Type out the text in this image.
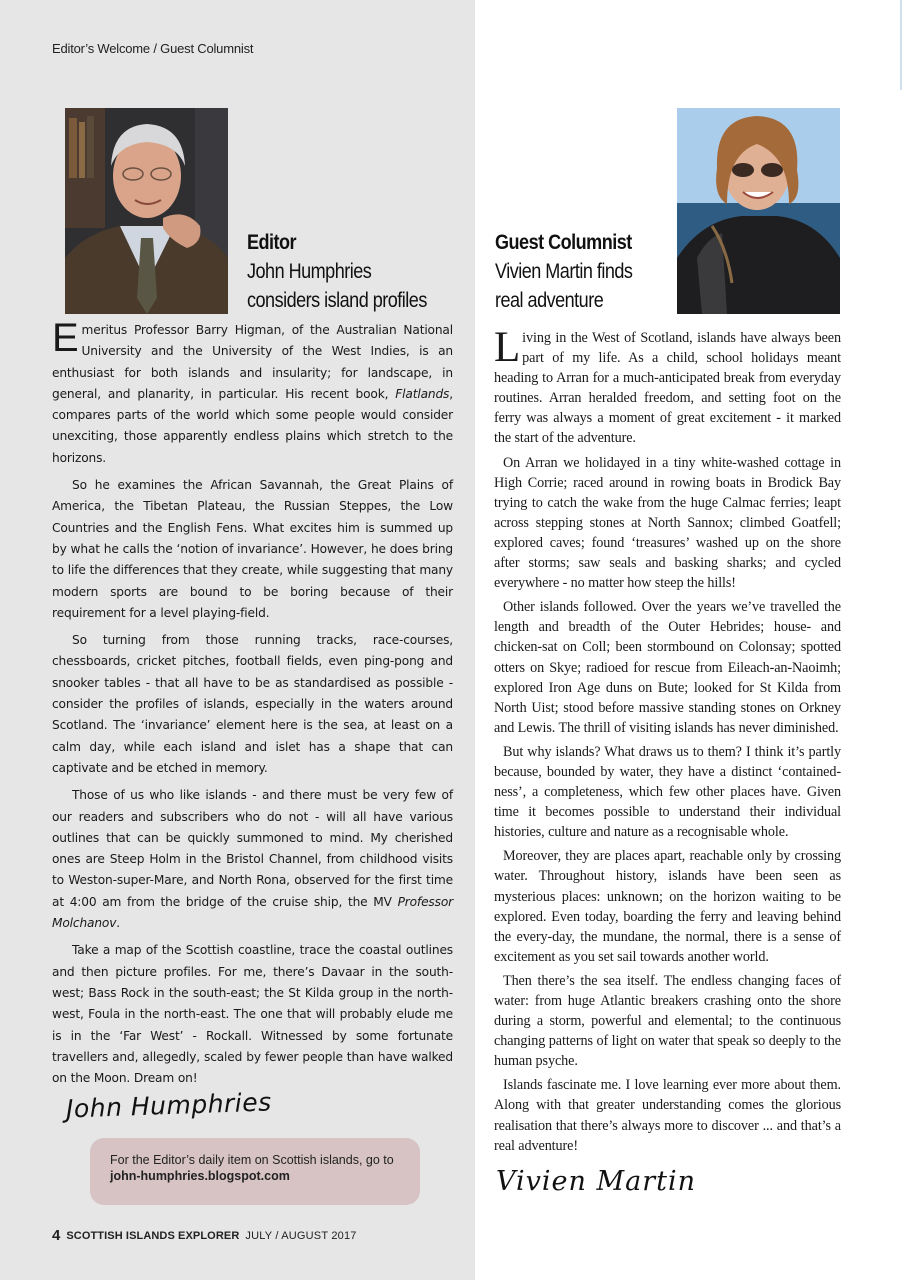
Editor’s Welcome / Guest Columnist
Editor
John Humphries
considers island profiles
Guest Columnist
Vivien Martin finds
real adventure

Emeritus Professor Barry Higman, of the Australian National University and the University of the West Indies, is an enthusiast for both islands and insularity; for landscape, in general, and planarity, in particular. His recent book, Flatlands, compares parts of the world which some people would consider unexciting, those apparently endless plains which stretch to the horizons.

So he examines the African Savannah, the Great Plains of America, the Tibetan Plateau, the Russian Steppes, the Low Countries and the English Fens. What excites him is summed up by what he calls the ‘notion of invariance’. However, he does bring to life the differences that they create, while suggesting that many modern sports are bound to be boring because of their requirement for a level playing-field.

So turning from those running tracks, race-courses, chessboards, cricket pitches, football fields, even ping-pong and snooker tables - that all have to be as standardised as possible - consider the profiles of islands, especially in the waters around Scotland. The ‘invariance’ element here is the sea, at least on a calm day, while each island and islet has a shape that can captivate and be etched in memory.

Those of us who like islands - and there must be very few of our readers and subscribers who do not - will all have various outlines that can be quickly summoned to mind. My cherished ones are Steep Holm in the Bristol Channel, from childhood visits to Weston-super-Mare, and North Rona, observed for the first time at 4:00 am from the bridge of the cruise ship, the MV Professor Molchanov.

Take a map of the Scottish coastline, trace the coastal outlines and then picture profiles. For me, there’s Davaar in the south-west; Bass Rock in the south-east; the St Kilda group in the north-west, Foula in the north-east. The one that will probably elude me is in the ‘Far West’ - Rockall. Witnessed by some fortunate travellers and, allegedly, scaled by fewer people than have walked on the Moon. Dream on!

John Humphries
For the Editor’s daily item on Scottish islands, go to
john-humphries.blogspot.com

Living in the West of Scotland, islands have always been part of my life. As a child, school holidays meant heading to Arran for a much-anticipated break from everyday routines. Arran heralded freedom, and setting foot on the ferry was always a moment of great excitement - it marked the start of the adventure.

On Arran we holidayed in a tiny white-washed cottage in High Corrie; raced around in rowing boats in Brodick Bay trying to catch the wake from the huge Calmac ferries; leapt across stepping stones at North Sannox; climbed Goatfell; explored caves; found ‘treasures’ washed up on the shore after storms; saw seals and basking sharks; and cycled everywhere - no matter how steep the hills!

Other islands followed. Over the years we’ve travelled the length and breadth of the Outer Hebrides; house- and chicken-sat on Coll; been stormbound on Colonsay; spotted otters on Skye; radioed for rescue from Eileach-an-Naoimh; explored Iron Age duns on Bute; looked for St Kilda from North Uist; stood before massive standing stones on Orkney and Lewis. The thrill of visiting islands has never diminished.

But why islands? What draws us to them? I think it’s partly because, bounded by water, they have a distinct ‘contained-ness’, a completeness, which few other places have. Given time it becomes possible to understand their individual histories, culture and nature as a recognisable whole.

Moreover, they are places apart, reachable only by crossing water. Throughout history, islands have been seen as mysterious places: unknown; on the horizon waiting to be explored. Even today, boarding the ferry and leaving behind the every-day, the mundane, the normal, there is a sense of excitement as you set sail towards another world.

Then there’s the sea itself. The endless changing faces of water: from huge Atlantic breakers crashing onto the shore during a storm, powerful and elemental; to the continuous changing patterns of light on water that speak so deeply to the human psyche.

Islands fascinate me. I love learning ever more about them. Along with that greater understanding comes the glorious realisation that there’s always more to discover ... and that’s a real adventure!

Vivien Martin
4 SCOTTISH ISLANDS EXPLORER JULY / AUGUST 2017
